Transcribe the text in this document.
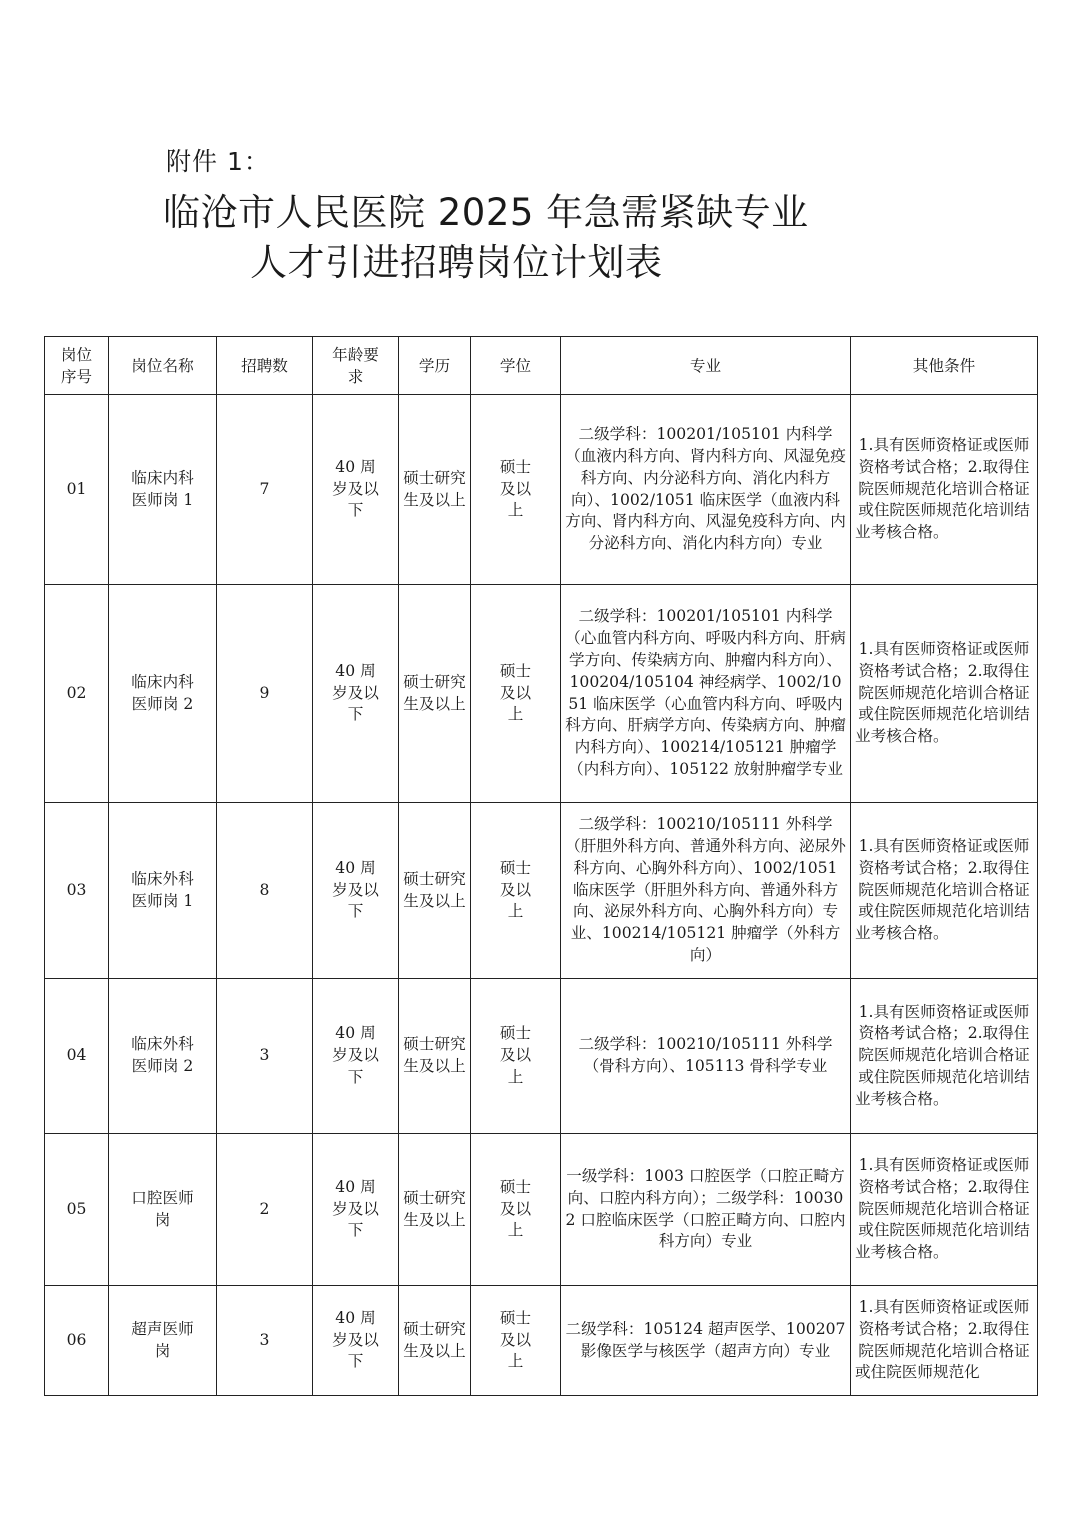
附件 1：
临沧市人民医院 2025 年急需紧缺专业
人才引进招聘岗位计划表
岗位序号	岗位名称	招聘数	年龄要求	学历	学位	专业	其他条件
01	临床内科医师岗 1	7	40 周岁及以下	硕士研究生及以上	硕士及以上	二级学科：100201/105101 内科学（血液内科方向、肾内科方向、风湿免疫科方向、内分泌科方向、消化内科方向）、1002/1051 临床医学（血液内科方向、肾内科方向、风湿免疫科方向、内分泌科方向、消化内科方向）专业	1.具有医师资格证或医师资格考试合格；2.取得住院医师规范化培训合格证或住院医师规范化培训结业考核合格。
02	临床内科医师岗 2	9	40 周岁及以下	硕士研究生及以上	硕士及以上	二级学科：100201/105101 内科学（心血管内科方向、呼吸内科方向、肝病学方向、传染病方向、肿瘤内科方向）、100204/105104 神经病学、1002/1051 临床医学（心血管内科方向、呼吸内科方向、肝病学方向、传染病方向、肿瘤内科方向）、100214/105121 肿瘤学（内科方向）、105122 放射肿瘤学专业	1.具有医师资格证或医师资格考试合格；2.取得住院医师规范化培训合格证或住院医师规范化培训结业考核合格。
03	临床外科医师岗 1	8	40 周岁及以下	硕士研究生及以上	硕士及以上	二级学科：100210/105111 外科学（肝胆外科方向、普通外科方向、泌尿外科方向、心胸外科方向）、1002/1051 临床医学（肝胆外科方向、普通外科方向、泌尿外科方向、心胸外科方向）专业、100214/105121 肿瘤学（外科方向）	1.具有医师资格证或医师资格考试合格；2.取得住院医师规范化培训合格证或住院医师规范化培训结业考核合格。
04	临床外科医师岗 2	3	40 周岁及以下	硕士研究生及以上	硕士及以上	二级学科：100210/105111 外科学（骨科方向）、105113 骨科学专业	1.具有医师资格证或医师资格考试合格；2.取得住院医师规范化培训合格证或住院医师规范化培训结业考核合格。
05	口腔医师岗	2	40 周岁及以下	硕士研究生及以上	硕士及以上	一级学科：1003 口腔医学（口腔正畸方向、口腔内科方向）；二级学科：100302 口腔临床医学（口腔正畸方向、口腔内科方向）专业	1.具有医师资格证或医师资格考试合格；2.取得住院医师规范化培训合格证或住院医师规范化培训结业考核合格。
06	超声医师岗	3	40 周岁及以下	硕士研究生及以上	硕士及以上	二级学科：105124 超声医学、100207 影像医学与核医学（超声方向）专业	1.具有医师资格证或医师资格考试合格；2.取得住院医师规范化培训合格证或住院医师规范化
